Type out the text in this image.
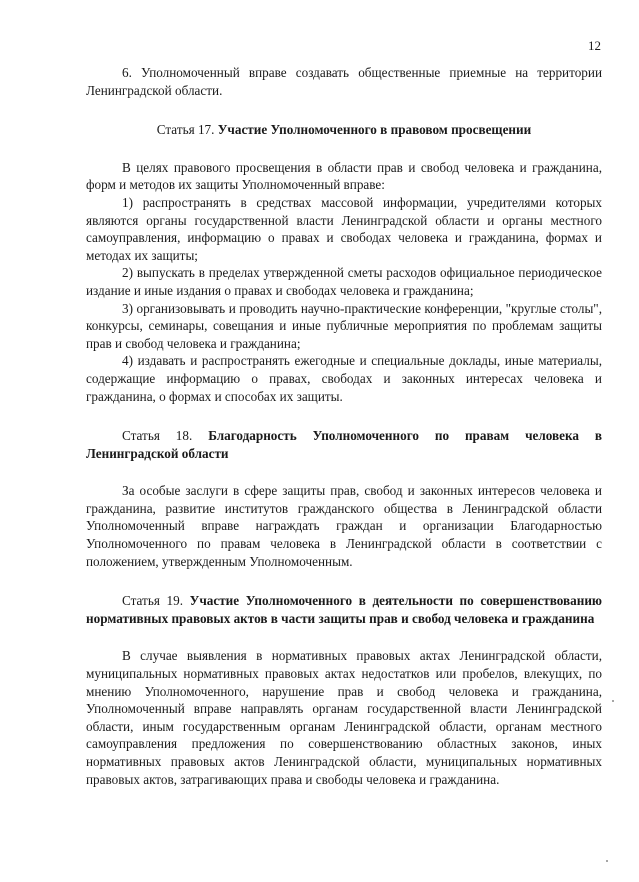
12

6. Уполномоченный вправе создавать общественные приемные на территории Ленинградской области.

Статья 17. Участие Уполномоченного в правовом просвещении

В целях правового просвещения в области прав и свобод человека и гражданина, форм и методов их защиты Уполномоченный вправе:

1) распространять в средствах массовой информации, учредителями которых являются органы государственной власти Ленинградской области и органы местного самоуправления, информацию о правах и свободах человека и гражданина, формах и методах их защиты;

2) выпускать в пределах утвержденной сметы расходов официальное периодическое издание и иные издания о правах и свободах человека и гражданина;

3) организовывать и проводить научно-практические конференции, "круглые столы", конкурсы, семинары, совещания и иные публичные мероприятия по проблемам защиты прав и свобод человека и гражданина;

4) издавать и распространять ежегодные и специальные доклады, иные материалы, содержащие информацию о правах, свободах и законных интересах человека и гражданина, о формах и способах их защиты.

Статья 18. Благодарность Уполномоченного по правам человека в Ленинградской области

За особые заслуги в сфере защиты прав, свобод и законных интересов человека и гражданина, развитие институтов гражданского общества в Ленинградской области Уполномоченный вправе награждать граждан и организации Благодарностью Уполномоченного по правам человека в Ленинградской области в соответствии с положением, утвержденным Уполномоченным.

Статья 19. Участие Уполномоченного в деятельности по совершенствованию нормативных правовых актов в части защиты прав и свобод человека и гражданина

В случае выявления в нормативных правовых актах Ленинградской области, муниципальных нормативных правовых актах недостатков или пробелов, влекущих, по мнению Уполномоченного, нарушение прав и свобод человека и гражданина, Уполномоченный вправе направлять органам государственной власти Ленинградской области, иным государственным органам Ленинградской области, органам местного самоуправления предложения по совершенствованию областных законов, иных нормативных правовых актов Ленинградской области, муниципальных нормативных правовых актов, затрагивающих права и свободы человека и гражданина.
